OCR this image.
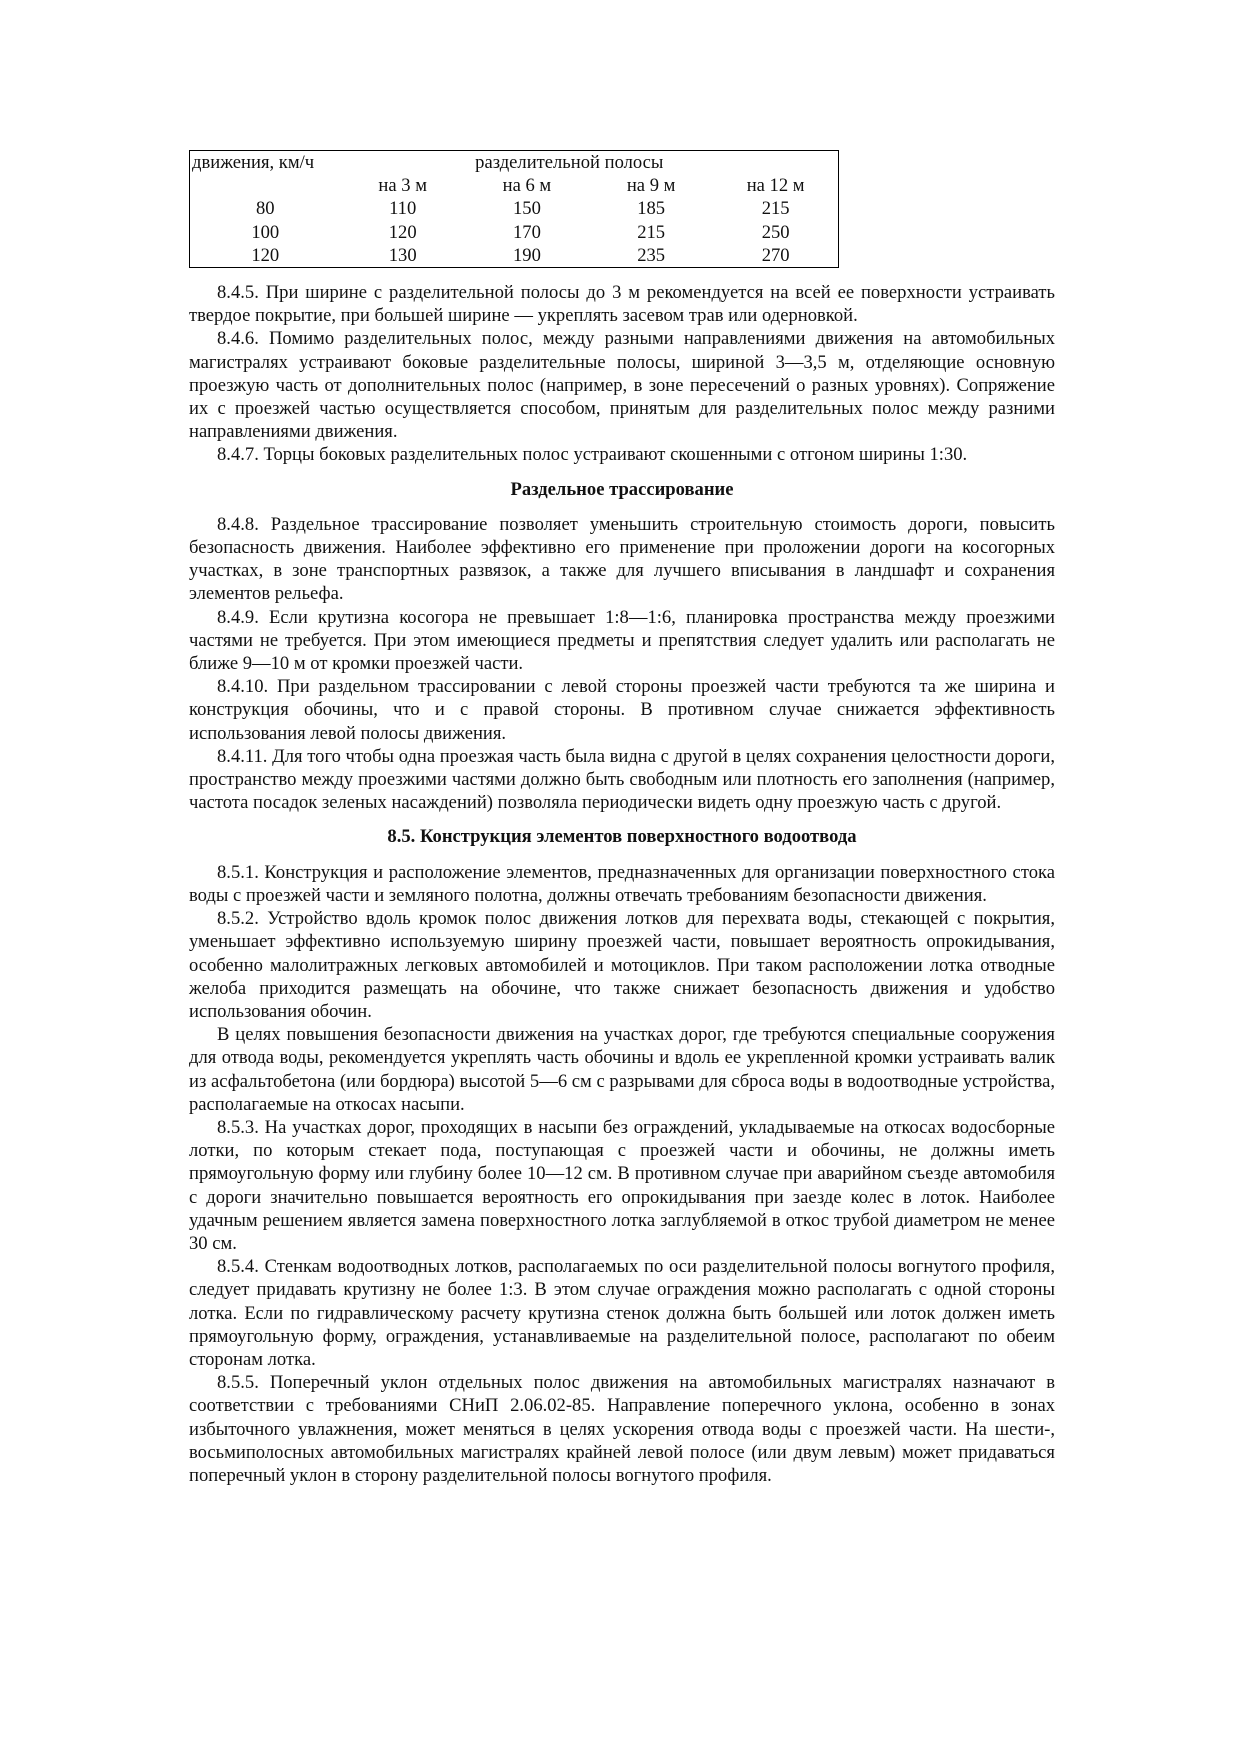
движения, км/ч	разделительной полосы			
	на 3 м	на 6 м	на 9 м	на 12 м
80	110	150	185	215
100	120	170	215	250
120	130	190	235	270

8.4.5. При ширине с разделительной полосы до 3 м рекомендуется на всей ее поверхности устраивать твердое покрытие, при большей ширине — укреплять засевом трав или одерновкой.

8.4.6. Помимо разделительных полос, между разными направлениями движения на автомобильных магистралях устраивают боковые разделительные полосы, шириной 3—3,5 м, отделяющие основную проезжую часть от дополнительных полос (например, в зоне пересечений о разных уровнях). Сопряжение их с проезжей частью осуществляется способом, принятым для разделительных полос между разними направлениями движения.

8.4.7. Торцы боковых разделительных полос устраивают скошенными с отгоном ширины 1:30.

Раздельное трассирование

8.4.8. Раздельное трассирование позволяет уменьшить строительную стоимость дороги, повысить безопасность движения. Наиболее эффективно его применение при проложении дороги на косогорных участках, в зоне транспортных развязок, а также для лучшего вписывания в ландшафт и сохранения элементов рельефа.

8.4.9. Если крутизна косогора не превышает 1:8—1:6, планировка пространства между проезжими частями не требуется. При этом имеющиеся предметы и препятствия следует удалить или располагать не ближе 9—10 м от кромки проезжей части.

8.4.10. При раздельном трассировании с левой стороны проезжей части требуются та же ширина и конструкция обочины, что и с правой стороны. В противном случае снижается эффективность использования левой полосы движения.

8.4.11. Для того чтобы одна проезжая часть была видна с другой в целях сохранения целостности дороги, пространство между проезжими частями должно быть свободным или плотность его заполнения (например, частота посадок зеленых насаждений) позволяла периодически видеть одну проезжую часть с другой.

8.5. Конструкция элементов поверхностного водоотвода

8.5.1. Конструкция и расположение элементов, предназначенных для организации поверхностного стока воды с проезжей части и земляного полотна, должны отвечать требованиям безопасности движения.

8.5.2. Устройство вдоль кромок полос движения лотков для перехвата воды, стекающей с покрытия, уменьшает эффективно используемую ширину проезжей части, повышает вероятность опрокидывания, особенно малолитражных легковых автомобилей и мотоциклов. При таком расположении лотка отводные желоба приходится размещать на обочине, что также снижает безопасность движения и удобство использования обочин.

В целях повышения безопасности движения на участках дорог, где требуются специальные сооружения для отвода воды, рекомендуется укреплять часть обочины и вдоль ее укрепленной кромки устраивать валик из асфальтобетона (или бордюра) высотой 5—6 см с разрывами для сброса воды в водоотводные устройства, располагаемые на откосах насыпи.

8.5.3. На участках дорог, проходящих в насыпи без ограждений, укладываемые на откосах водосборные лотки, по которым стекает пода, поступающая с проезжей части и обочины, не должны иметь прямоугольную форму или глубину более 10—12 см. В противном случае при аварийном съезде автомобиля с дороги значительно повышается вероятность его опрокидывания при заезде колес в лоток. Наиболее удачным решением является замена поверхностного лотка заглубляемой в откос трубой диаметром не менее 30 см.

8.5.4. Стенкам водоотводных лотков, располагаемых по оси разделительной полосы вогнутого профиля, следует придавать крутизну не более 1:3. В этом случае ограждения можно располагать с одной стороны лотка. Если по гидравлическому расчету крутизна стенок должна быть большей или лоток должен иметь прямоугольную форму, ограждения, устанавливаемые на разделительной полосе, располагают по обеим сторонам лотка.

8.5.5. Поперечный уклон отдельных полос движения на автомобильных магистралях назначают в соответствии с требованиями СНиП 2.06.02-85. Направление поперечного уклона, особенно в зонах избыточного увлажнения, может меняться в целях ускорения отвода воды с проезжей части. На шести-, восьмиполосных автомобильных магистралях крайней левой полосе (или двум левым) может придаваться поперечный уклон в сторону разделительной полосы вогнутого профиля.
